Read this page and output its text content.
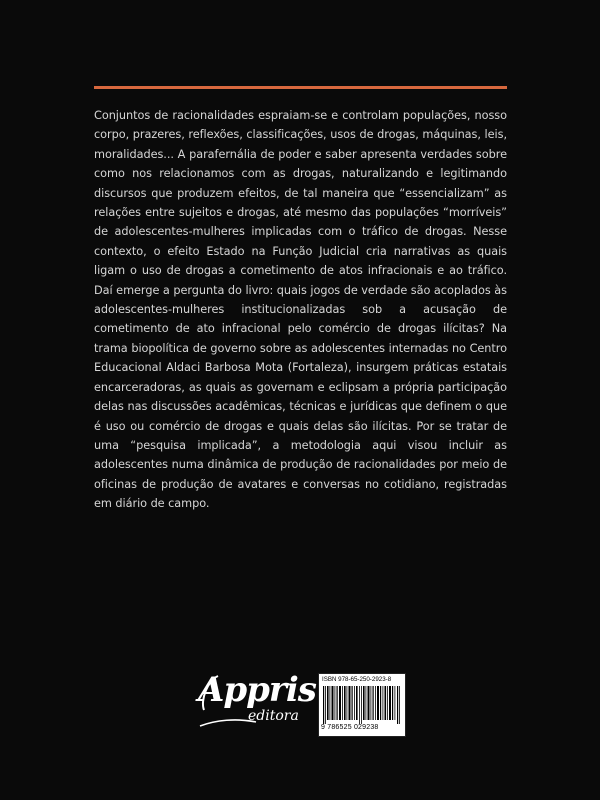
Conjuntos de racionalidades espraiam-se e controlam populações, nosso corpo, prazeres, reflexões, classificações, usos de drogas, máquinas, leis, moralidades... A parafernália de poder e saber apresenta verdades sobre como nos relacionamos com as drogas, naturalizando e legitimando discursos que produzem efeitos, de tal maneira que “essencializam” as relações entre sujeitos e drogas, até mesmo das populações “morríveis” de adolescentes-mulheres implicadas com o tráfico de drogas. Nesse contexto, o efeito Estado na Função Judicial cria narrativas as quais ligam o uso de drogas a cometimento de atos infracionais e ao tráfico. Daí emerge a pergunta do livro: quais jogos de verdade são acoplados às adolescentes-mulheres institucionalizadas sob a acusação de cometimento de ato infracional pelo comércio de drogas ilícitas? Na trama biopolítica de governo sobre as adolescentes internadas no Centro Educacional Aldaci Barbosa Mota (Fortaleza), insurgem práticas estatais encarceradoras, as quais as governam e eclipsam a própria participação delas nas discussões acadêmicas, técnicas e jurídicas que definem o que é uso ou comércio de drogas e quais delas são ilícitas. Por se tratar de uma “pesquisa implicada”, a metodologia aqui visou incluir as adolescentes numa dinâmica de produção de racionalidades por meio de oficinas de produção de avatares e conversas no cotidiano, registradas em diário de campo.

Appris
editora
ISBN 978-65-250-2923-8
9 786525 029238
